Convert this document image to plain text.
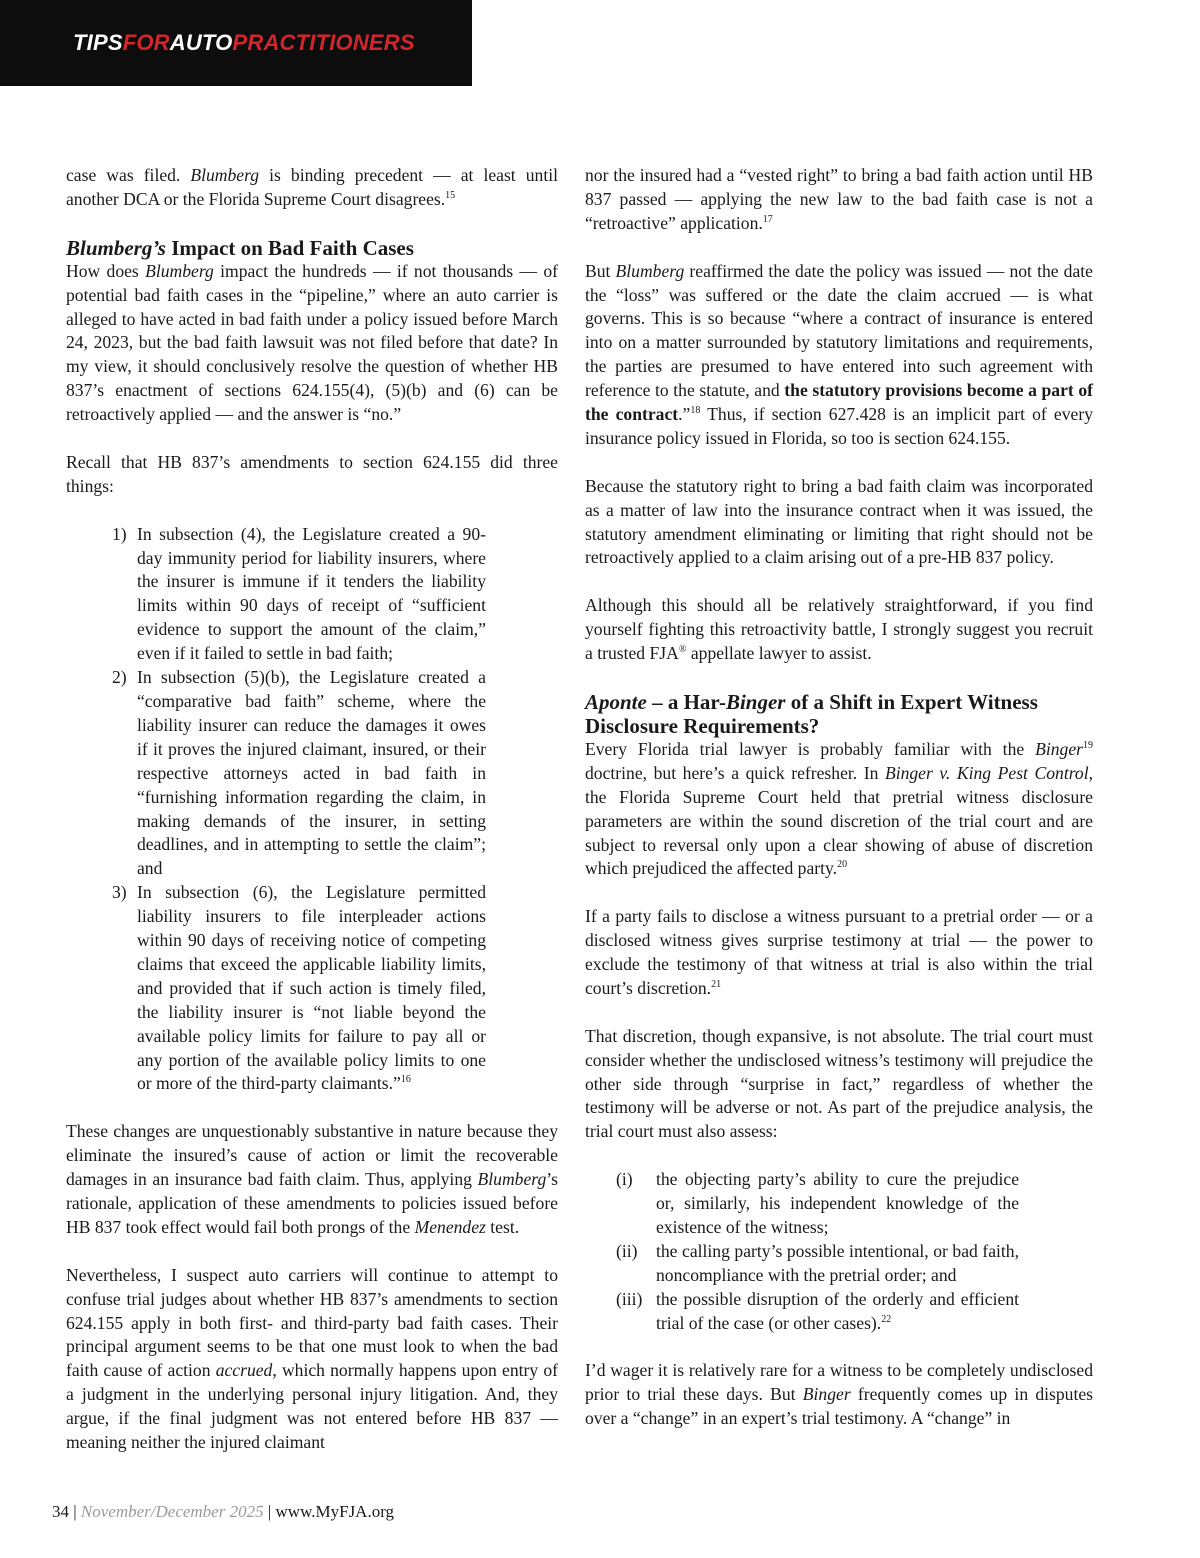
TIPSFORAUTOPRACTITIONERS

case was filed. Blumberg is binding precedent — at least until another DCA or the Florida Supreme Court disagrees.$^{15}$

Blumberg’s Impact on Bad Faith Cases

How does Blumberg impact the hundreds — if not thousands — of potential bad faith cases in the “pipeline,” where an auto carrier is alleged to have acted in bad faith under a policy issued before March 24, 2023, but the bad faith lawsuit was not filed before that date? In my view, it should conclusively resolve the question of whether HB 837’s enactment of sections 624.155(4), (5)(b) and (6) can be retroactively applied — and the answer is “no.”

Recall that HB 837’s amendments to section 624.155 did three things:

1) In subsection (4), the Legislature created a 90-day immunity period for liability insurers, where the insurer is immune if it tenders the liability limits within 90 days of receipt of “sufficient evidence to support the amount of the claim,” even if it failed to settle in bad faith;
2) In subsection (5)(b), the Legislature created a “comparative bad faith” scheme, where the liability insurer can reduce the damages it owes if it proves the injured claimant, insured, or their respective attorneys acted in bad faith in “furnishing information regarding the claim, in making demands of the insurer, in setting deadlines, and in attempting to settle the claim”; and
3) In subsection (6), the Legislature permitted liability insurers to file interpleader actions within 90 days of receiving notice of competing claims that exceed the applicable liability limits, and provided that if such action is timely filed, the liability insurer is “not liable beyond the available policy limits for failure to pay all or any portion of the available policy limits to one or more of the third-party claimants.”$^{16}$

These changes are unquestionably substantive in nature because they eliminate the insured’s cause of action or limit the recoverable damages in an insurance bad faith claim. Thus, applying Blumberg’s rationale, application of these amendments to policies issued before HB 837 took effect would fail both prongs of the Menendez test.

Nevertheless, I suspect auto carriers will continue to attempt to confuse trial judges about whether HB 837’s amendments to section 624.155 apply in both first- and third-party bad faith cases. Their principal argument seems to be that one must look to when the bad faith cause of action accrued, which normally happens upon entry of a judgment in the underlying personal injury litigation. And, they argue, if the final judgment was not entered before HB 837 — meaning neither the injured claimant

nor the insured had a “vested right” to bring a bad faith action until HB 837 passed — applying the new law to the bad faith case is not a “retroactive” application.$^{17}$

But Blumberg reaffirmed the date the policy was issued — not the date the “loss” was suffered or the date the claim accrued — is what governs. This is so because “where a contract of insurance is entered into on a matter surrounded by statutory limitations and requirements, the parties are presumed to have entered into such agreement with reference to the statute, and the statutory provisions become a part of the contract.”$^{18}$ Thus, if section 627.428 is an implicit part of every insurance policy issued in Florida, so too is section 624.155.

Because the statutory right to bring a bad faith claim was incorporated as a matter of law into the insurance contract when it was issued, the statutory amendment eliminating or limiting that right should not be retroactively applied to a claim arising out of a pre-HB 837 policy.

Although this should all be relatively straightforward, if you find yourself fighting this retroactivity battle, I strongly suggest you recruit a trusted FJA® appellate lawyer to assist.

Aponte – a Har-Binger of a Shift in Expert Witness Disclosure Requirements?

Every Florida trial lawyer is probably familiar with the Binger$^{19}$ doctrine, but here’s a quick refresher. In Binger v. King Pest Control, the Florida Supreme Court held that pretrial witness disclosure parameters are within the sound discretion of the trial court and are subject to reversal only upon a clear showing of abuse of discretion which prejudiced the affected party.$^{20}$

If a party fails to disclose a witness pursuant to a pretrial order — or a disclosed witness gives surprise testimony at trial — the power to exclude the testimony of that witness at trial is also within the trial court’s discretion.$^{21}$

That discretion, though expansive, is not absolute. The trial court must consider whether the undisclosed witness’s testimony will prejudice the other side through “surprise in fact,” regardless of whether the testimony will be adverse or not. As part of the prejudice analysis, the trial court must also assess:

(i) the objecting party’s ability to cure the prejudice or, similarly, his independent knowledge of the existence of the witness;
(ii) the calling party’s possible intentional, or bad faith, noncompliance with the pretrial order; and
(iii) the possible disruption of the orderly and efficient trial of the case (or other cases).$^{22}$

I’d wager it is relatively rare for a witness to be completely undisclosed prior to trial these days. But Binger frequently comes up in disputes over a “change” in an expert’s trial testimony. A “change” in

34 | November/December 2025 | www.MyFJA.org
